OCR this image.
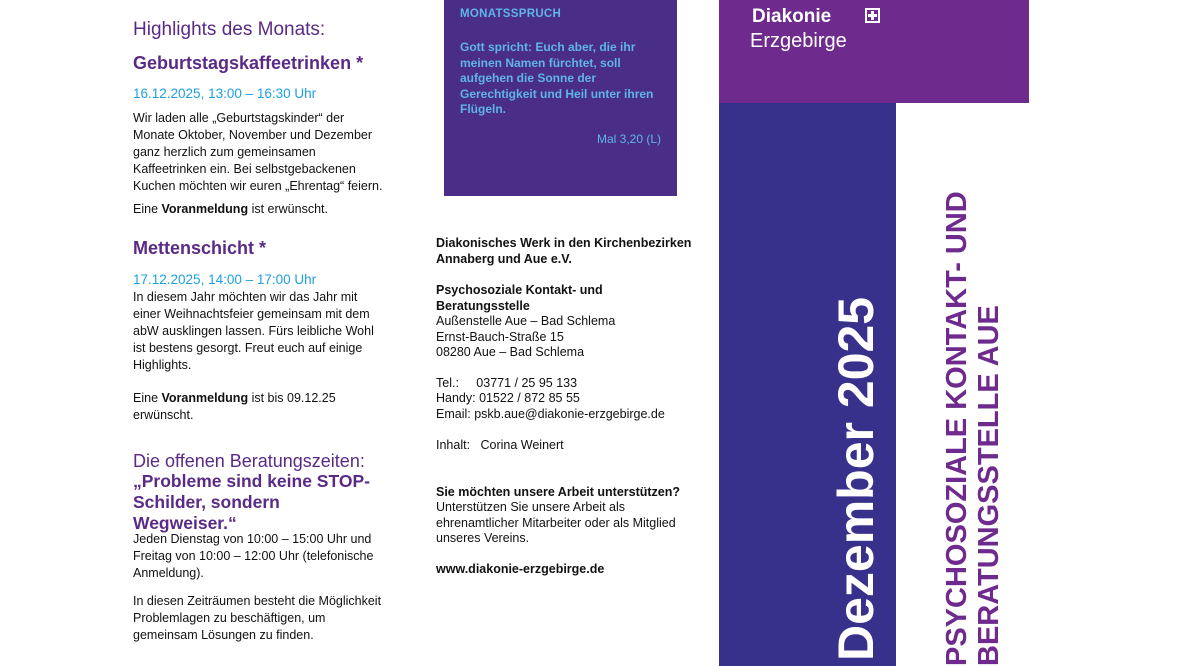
Highlights des Monats:

Geburtstagskaffeetrinken *

16.12.2025, 13:00 – 16:30 Uhr
Wir laden alle „Geburtstagskinder“ der Monate Oktober, November und Dezember ganz herzlich zum gemeinsamen Kaffeetrinken ein. Bei selbstgebackenen Kuchen möchten wir euren „Ehrentag“ feiern.
Eine Voranmeldung ist erwünscht.

Mettenschicht *

17.12.2025, 14:00 – 17:00 Uhr
In diesem Jahr möchten wir das Jahr mit einer Weihnachtsfeier gemeinsam mit dem abW ausklingen lassen. Fürs leibliche Wohl ist bestens gesorgt. Freut euch auf einige Highlights.
Eine Voranmeldung ist bis 09.12.25 erwünscht.

Die offenen Beratungszeiten:

„Probleme sind keine STOP-Schilder, sondern Wegweiser.“
Jeden Dienstag von 10:00 – 15:00 Uhr und Freitag von 10:00 – 12:00 Uhr (telefonische Anmeldung).
In diesen Zeiträumen besteht die Möglichkeit Problemlagen zu beschäftigen, um gemeinsam Lösungen zu finden.
MONATSSPRUCH
Gott spricht: Euch aber, die ihr meinen Namen fürchtet, soll aufgehen die Sonne der Gerechtigkeit und Heil unter ihren Flügeln.
Mal 3,20 (L)
Diakonisches Werk in den Kirchenbezirken Annaberg und Aue e.V.
Psychosoziale Kontakt- und Beratungsstelle
Außenstelle Aue – Bad Schlema
Ernst-Bauch-Straße 15
08280 Aue – Bad Schlema
Tel.:     03771 / 25 95 133
Handy: 01522 / 872 85 55
Email: pskb.aue@diakonie-erzgebirge.de
Inhalt:   Corina Weinert
Sie möchten unsere Arbeit unterstützen?
Unterstützen Sie unsere Arbeit als ehrenamtlicher Mitarbeiter oder als Mitglied unseres Vereins.
www.diakonie-erzgebirge.de
Diakonie
Erzgebirge
Dezember 2025 PSYCHOSOZIALE KONTAKT- UND BERATUNGSSTELLE AUE
